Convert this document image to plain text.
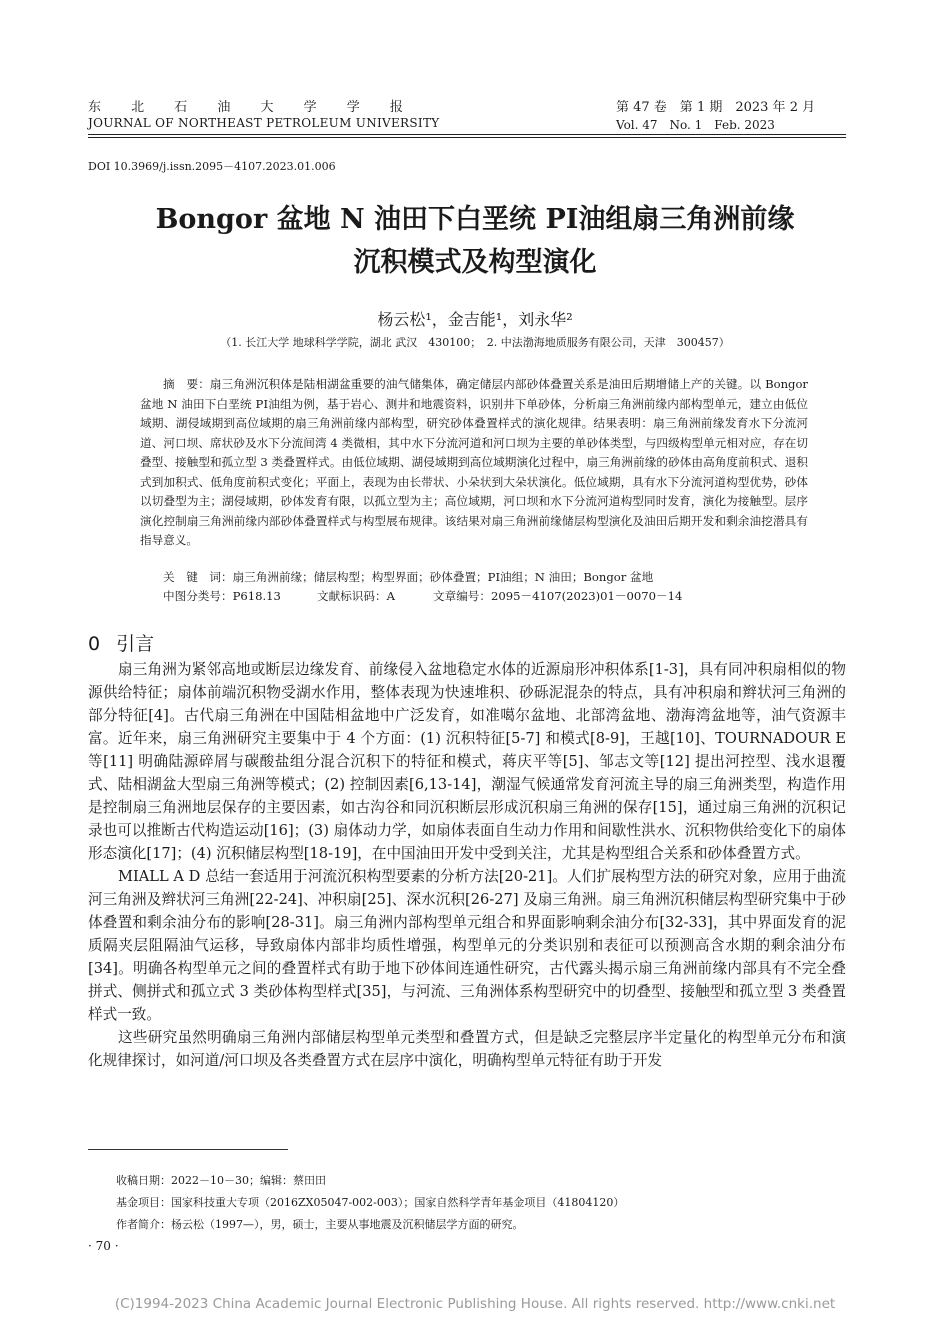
东 北 石 油 大 学 学 报
JOURNAL OF NORTHEAST PETROLEUM UNIVERSITY
第 47 卷　第 1 期　2023 年 2 月
Vol. 47　No. 1　Feb. 2023
DOI 10.3969/j.issn.2095－4107.2023.01.006
Bongor 盆地 N 油田下白垩统 PⅠ油组扇三角洲前缘
沉积模式及构型演化
杨云松¹，金吉能¹，刘永华²
（1. 长江大学 地球科学学院，湖北 武汉　430100；　2. 中法渤海地质服务有限公司，天津　300457）

摘　要：扇三角洲沉积体是陆相湖盆重要的油气储集体，确定储层内部砂体叠置关系是油田后期增储上产的关键。以 Bongor 盆地 N 油田下白垩统 PⅠ油组为例，基于岩心、测井和地震资料，识别井下单砂体，分析扇三角洲前缘内部构型单元，建立由低位域期、湖侵域期到高位域期的扇三角洲前缘内部构型，研究砂体叠置样式的演化规律。结果表明：扇三角洲前缘发育水下分流河道、河口坝、席状砂及水下分流间湾 4 类微相，其中水下分流河道和河口坝为主要的单砂体类型，与四级构型单元相对应，存在切叠型、接触型和孤立型 3 类叠置样式。由低位域期、湖侵域期到高位域期演化过程中，扇三角洲前缘的砂体由高角度前积式、退积式到加积式、低角度前积式变化；平面上，表现为由长带状、小朵状到大朵状演化。低位域期，具有水下分流河道构型优势，砂体以切叠型为主；湖侵域期，砂体发育有限，以孤立型为主；高位域期，河口坝和水下分流河道构型同时发育，演化为接触型。层序演化控制扇三角洲前缘内部砂体叠置样式与构型展布规律。该结果对扇三角洲前缘储层构型演化及油田后期开发和剩余油挖潜具有指导意义。

关　键　词：扇三角洲前缘；储层构型；构型界面；砂体叠置；PⅠ油组；N 油田；Bongor 盆地
中图分类号：P618.13	文献标识码：A	文章编号：2095－4107(2023)01－0070－14
0 引言

扇三角洲为紧邻高地或断层边缘发育、前缘侵入盆地稳定水体的近源扇形冲积体系[1-3]，具有同冲积扇相似的物源供给特征；扇体前端沉积物受湖水作用，整体表现为快速堆积、砂砾泥混杂的特点，具有冲积扇和辫状河三角洲的部分特征[4]。古代扇三角洲在中国陆相盆地中广泛发育，如准噶尔盆地、北部湾盆地、渤海湾盆地等，油气资源丰富。近年来，扇三角洲研究主要集中于 4 个方面：(1) 沉积特征[5-7] 和模式[8-9]，王越[10]、TOURNADOUR E 等[11] 明确陆源碎屑与碳酸盐组分混合沉积下的特征和模式，蒋庆平等[5]、邹志文等[12] 提出河控型、浅水退覆式、陆相湖盆大型扇三角洲等模式；(2) 控制因素[6,13-14]，潮湿气候通常发育河流主导的扇三角洲类型，构造作用是控制扇三角洲地层保存的主要因素，如古沟谷和同沉积断层形成沉积扇三角洲的保存[15]，通过扇三角洲的沉积记录也可以推断古代构造运动[16]；(3) 扇体动力学，如扇体表面自生动力作用和间歇性洪水、沉积物供给变化下的扇体形态演化[17]；(4) 沉积储层构型[18-19]，在中国油田开发中受到关注，尤其是构型组合关系和砂体叠置方式。

MIALL A D 总结一套适用于河流沉积构型要素的分析方法[20-21]。人们扩展构型方法的研究对象，应用于曲流河三角洲及辫状河三角洲[22-24]、冲积扇[25]、深水沉积[26-27] 及扇三角洲。扇三角洲沉积储层构型研究集中于砂体叠置和剩余油分布的影响[28-31]。扇三角洲内部构型单元组合和界面影响剩余油分布[32-33]，其中界面发育的泥质隔夹层阻隔油气运移，导致扇体内部非均质性增强，构型单元的分类识别和表征可以预测高含水期的剩余油分布[34]。明确各构型单元之间的叠置样式有助于地下砂体间连通性研究，古代露头揭示扇三角洲前缘内部具有不完全叠拼式、侧拼式和孤立式 3 类砂体构型样式[35]，与河流、三角洲体系构型研究中的切叠型、接触型和孤立型 3 类叠置样式一致。

这些研究虽然明确扇三角洲内部储层构型单元类型和叠置方式，但是缺乏完整层序半定量化的构型单元分布和演化规律探讨，如河道/河口坝及各类叠置方式在层序中演化，明确构型单元特征有助于开发

收稿日期：2022－10－30；编辑：蔡田田
基金项目：国家科技重大专项（2016ZX05047-002-003）；国家自然科学青年基金项目（41804120）
作者简介：杨云松（1997—），男，硕士，主要从事地震及沉积储层学方面的研究。
· 70 ·
(C)1994-2023 China Academic Journal Electronic Publishing House. All rights reserved. http://www.cnki.net
